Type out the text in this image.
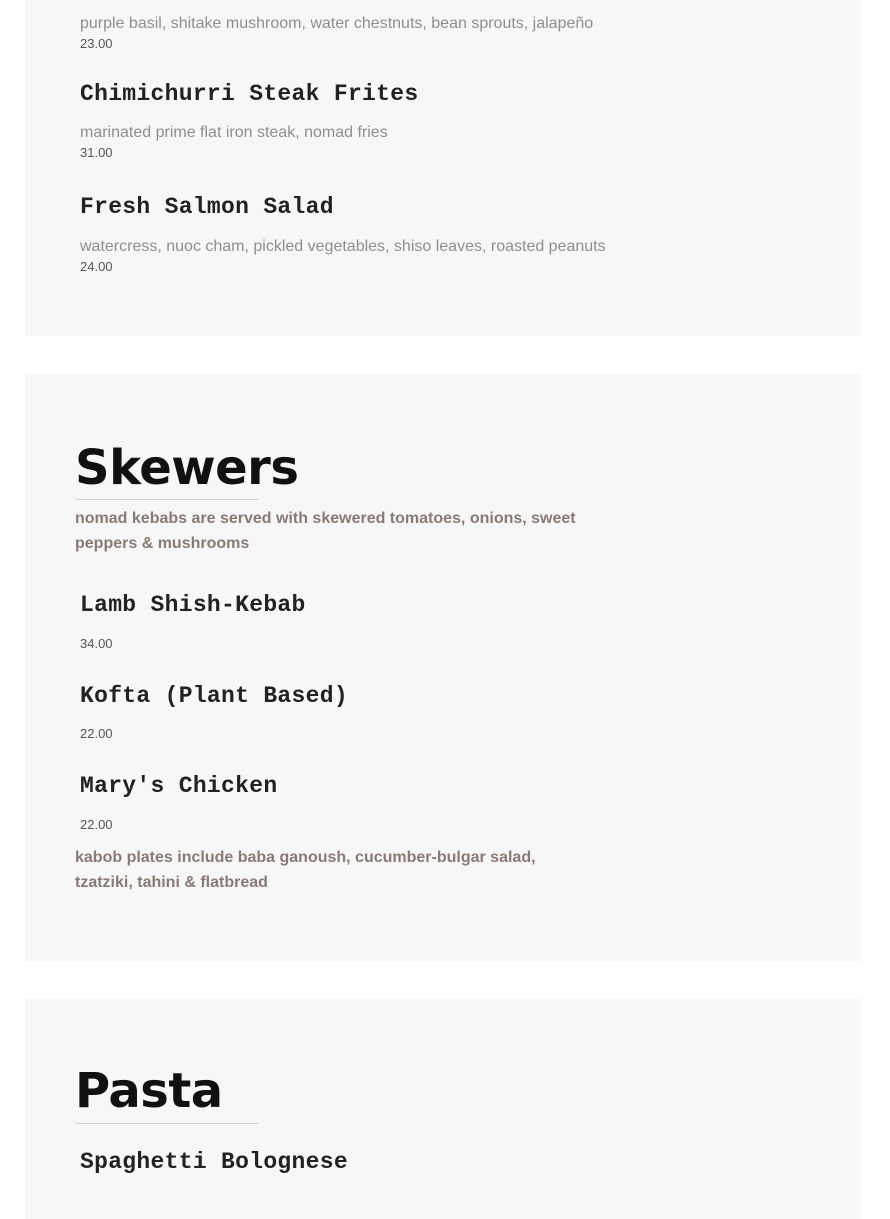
purple basil, shitake mushroom, water chestnuts, bean sprouts, jalapeño
23.00
Chimichurri Steak Frites
marinated prime flat iron steak, nomad fries
31.00
Fresh Salmon Salad
watercress, nuoc cham, pickled vegetables, shiso leaves, roasted peanuts
24.00
Skewers
nomad kebabs are served with skewered tomatoes, onions, sweet peppers & mushrooms
Lamb Shish-Kebab
34.00
Kofta (Plant Based)
22.00
Mary's Chicken
22.00
kabob plates include baba ganoush, cucumber-bulgar salad, tzatziki, tahini & flatbread
Pasta
Spaghetti Bolognese
